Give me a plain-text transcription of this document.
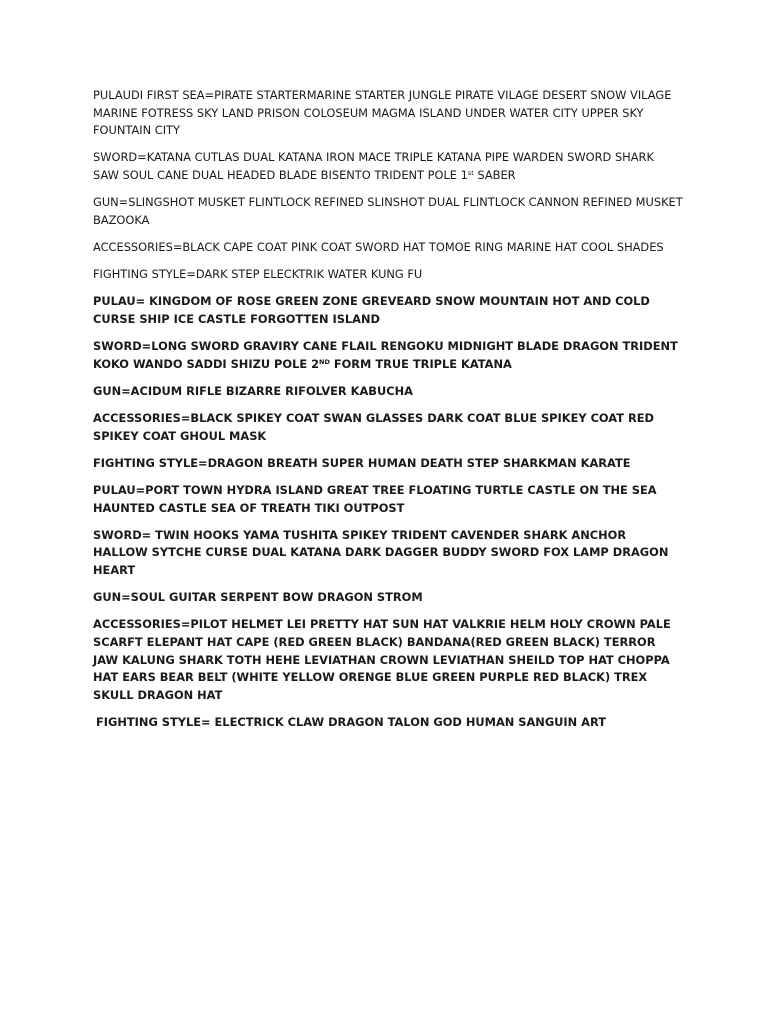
PULAUDI FIRST SEA=PIRATE STARTERMARINE STARTER JUNGLE PIRATE VILAGE DESERT SNOW VILAGE MARINE FOTRESS SKY LAND PRISON COLOSEUM MAGMA ISLAND UNDER WATER CITY UPPER SKY FOUNTAIN CITY

SWORD=KATANA CUTLAS DUAL KATANA IRON MACE TRIPLE KATANA PIPE WARDEN SWORD SHARK SAW SOUL CANE DUAL HEADED BLADE BISENTO TRIDENT POLE 1st SABER

GUN=SLINGSHOT MUSKET FLINTLOCK REFINED SLINSHOT DUAL FLINTLOCK CANNON REFINED MUSKET BAZOOKA

ACCESSORIES=BLACK CAPE COAT PINK COAT SWORD HAT TOMOE RING MARINE HAT COOL SHADES

FIGHTING STYLE=DARK STEP ELECKTRIK WATER KUNG FU

PULAU= KINGDOM OF ROSE GREEN ZONE GREVEARD SNOW MOUNTAIN HOT AND COLD CURSE SHIP ICE CASTLE FORGOTTEN ISLAND

SWORD=LONG SWORD GRAVIRY CANE FLAIL RENGOKU MIDNIGHT BLADE DRAGON TRIDENT KOKO WANDO SADDI SHIZU POLE 2ND FORM TRUE TRIPLE KATANA

GUN=ACIDUM RIFLE BIZARRE RIFOLVER KABUCHA

ACCESSORIES=BLACK SPIKEY COAT SWAN GLASSES DARK COAT BLUE SPIKEY COAT RED SPIKEY COAT GHOUL MASK

FIGHTING STYLE=DRAGON BREATH SUPER HUMAN DEATH STEP SHARKMAN KARATE

PULAU=PORT TOWN HYDRA ISLAND GREAT TREE FLOATING TURTLE CASTLE ON THE SEA HAUNTED CASTLE SEA OF TREATH TIKI OUTPOST

SWORD= TWIN HOOKS YAMA TUSHITA SPIKEY TRIDENT CAVENDER SHARK ANCHOR HALLOW SYTCHE CURSE DUAL KATANA DARK DAGGER BUDDY SWORD FOX LAMP DRAGON HEART

GUN=SOUL GUITAR SERPENT BOW DRAGON STROM

ACCESSORIES=PILOT HELMET LEI PRETTY HAT SUN HAT VALKRIE HELM HOLY CROWN PALE SCARFT ELEPANT HAT CAPE (RED GREEN BLACK) BANDANA(RED GREEN BLACK) TERROR JAW KALUNG SHARK TOTH HEHE LEVIATHAN CROWN LEVIATHAN SHEILD TOP HAT CHOPPA HAT EARS BEAR BELT (WHITE YELLOW ORENGE BLUE GREEN PURPLE RED BLACK) TREX SKULL DRAGON HAT

FIGHTING STYLE= ELECTRICK CLAW DRAGON TALON GOD HUMAN SANGUIN ART
